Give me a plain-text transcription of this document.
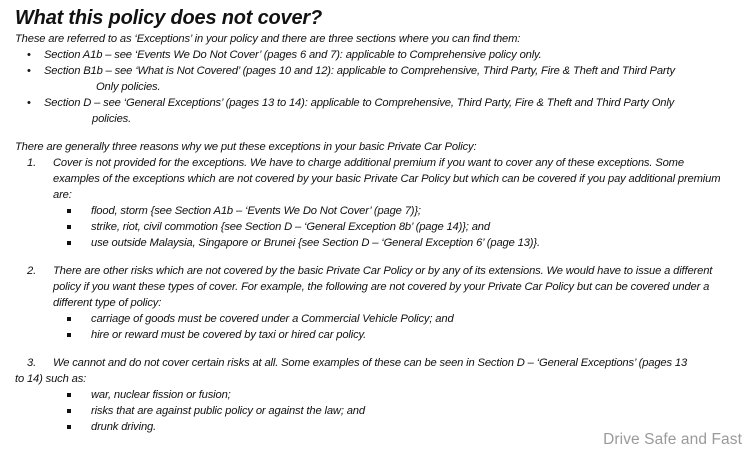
What this policy does not cover?

These are referred to as ‘Exceptions’ in your policy and there are three sections where you can find them:

• Section A1b – see ‘Events We Do Not Cover’ (pages 6 and 7): applicable to Comprehensive policy only.
• Section B1b – see ‘What is Not Covered’ (pages 10 and 12): applicable to Comprehensive, Third Party, Fire & Theft and Third Party
Only policies.
• Section D – see ‘General Exceptions’ (pages 13 to 14): applicable to Comprehensive, Third Party, Fire & Theft and Third Party Only
policies.

There are generally three reasons why we put these exceptions in your basic Private Car Policy:

1. Cover is not provided for the exceptions. We have to charge additional premium if you want to cover any of these exceptions. Some examples of the exceptions which are not covered by your basic Private Car Policy but which can be covered if you pay additional premium are:
flood, storm {see Section A1b – ‘Events We Do Not Cover’ (page 7)};
strike, riot, civil commotion {see Section D – ‘General Exception 8b’ (page 14)}; and
use outside Malaysia, Singapore or Brunei {see Section D – ‘General Exception 6’ (page 13)}.
2. There are other risks which are not covered by the basic Private Car Policy or by any of its extensions. We would have to issue a different policy if you want these types of cover. For example, the following are not covered by your Private Car Policy but can be covered under a different type of policy:
carriage of goods must be covered under a Commercial Vehicle Policy; and
hire or reward must be covered by taxi or hired car policy.
3. We cannot and do not cover certain risks at all. Some examples of these can be seen in Section D – ‘General Exceptions’ (pages 13
to 14) such as:
war, nuclear fission or fusion;
risks that are against public policy or against the law; and
drunk driving.
Drive Safe and Fast
